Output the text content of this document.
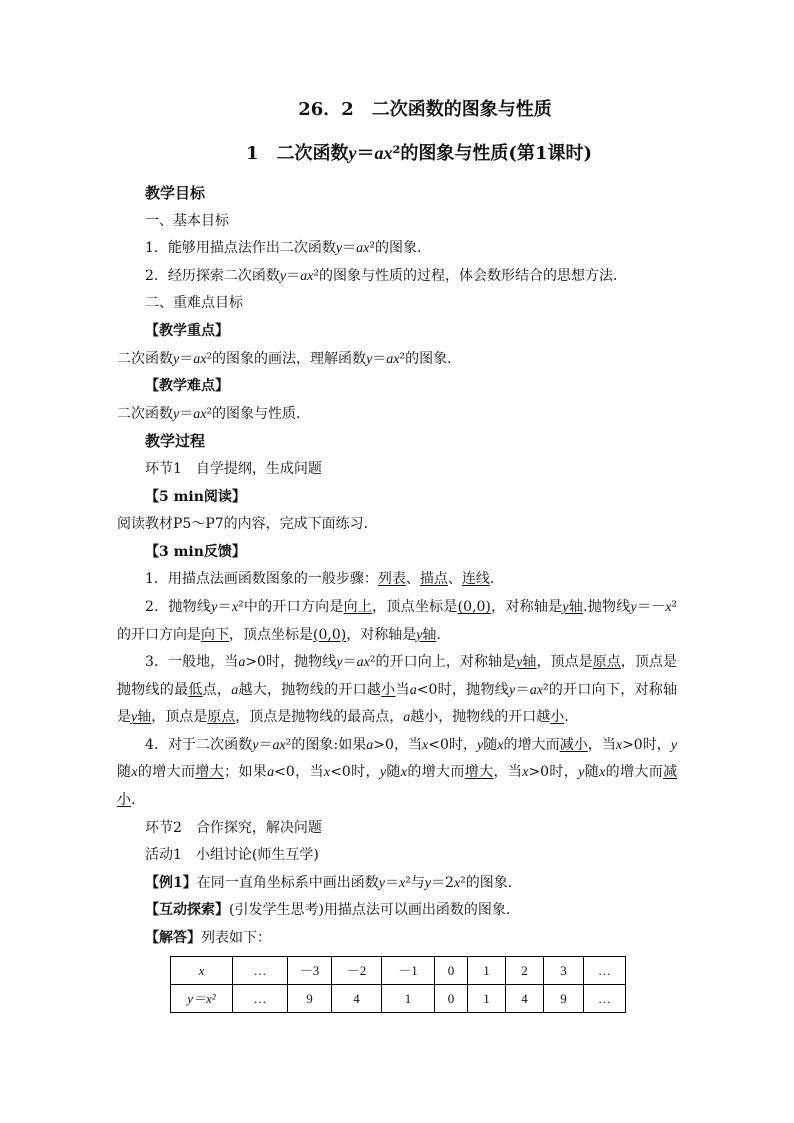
26．2　二次函数的图象与性质
1　二次函数y＝ax²的图象与性质(第1课时)

教学目标

一、基本目标

1．能够用描点法作出二次函数y＝ax²的图象．

2．经历探索二次函数y＝ax²的图象与性质的过程，体会数形结合的思想方法．

二、重难点目标

【教学重点】

二次函数y＝ax²的图象的画法，理解函数y＝ax²的图象．

【教学难点】

二次函数y＝ax²的图象与性质．

教学过程

环节1　自学提纲，生成问题

【5 min阅读】

阅读教材P5～P7的内容，完成下面练习．

【3 min反馈】

1．用描点法画函数图象的一般步骤：列表、描点、连线.

2．抛物线y＝x²中的开口方向是向上，顶点坐标是(0,0)，对称轴是y轴.抛物线y＝－x²的开口方向是向下，顶点坐标是(0,0)，对称轴是y轴.

3．一般地，当a>0时，抛物线y＝ax²的开口向上，对称轴是y轴，顶点是原点，顶点是抛物线的最低点，a越大，抛物线的开口越小当a<0时，抛物线y＝ax²的开口向下，对称轴是y轴，顶点是原点，顶点是抛物线的最高点，a越小，抛物线的开口越小.

4．对于二次函数y＝ax²的图象:如果a>0，当x<0时，y随x的增大而减小，当x>0时，y随x的增大而增大；如果a<0，当x<0时，y随x的增大而增大，当x>0时，y随x的增大而减小.

环节2　合作探究，解决问题

活动1　小组讨论(师生互学)

【例1】在同一直角坐标系中画出函数y＝x²与y＝2x²的图象．

【互动探索】(引发学生思考)用描点法可以画出函数的图象.

【解答】列表如下：

x	…	－3	－2	－1	0	1	2	3	…
y＝x²	…	9	4	1	0	1	4	9	…
